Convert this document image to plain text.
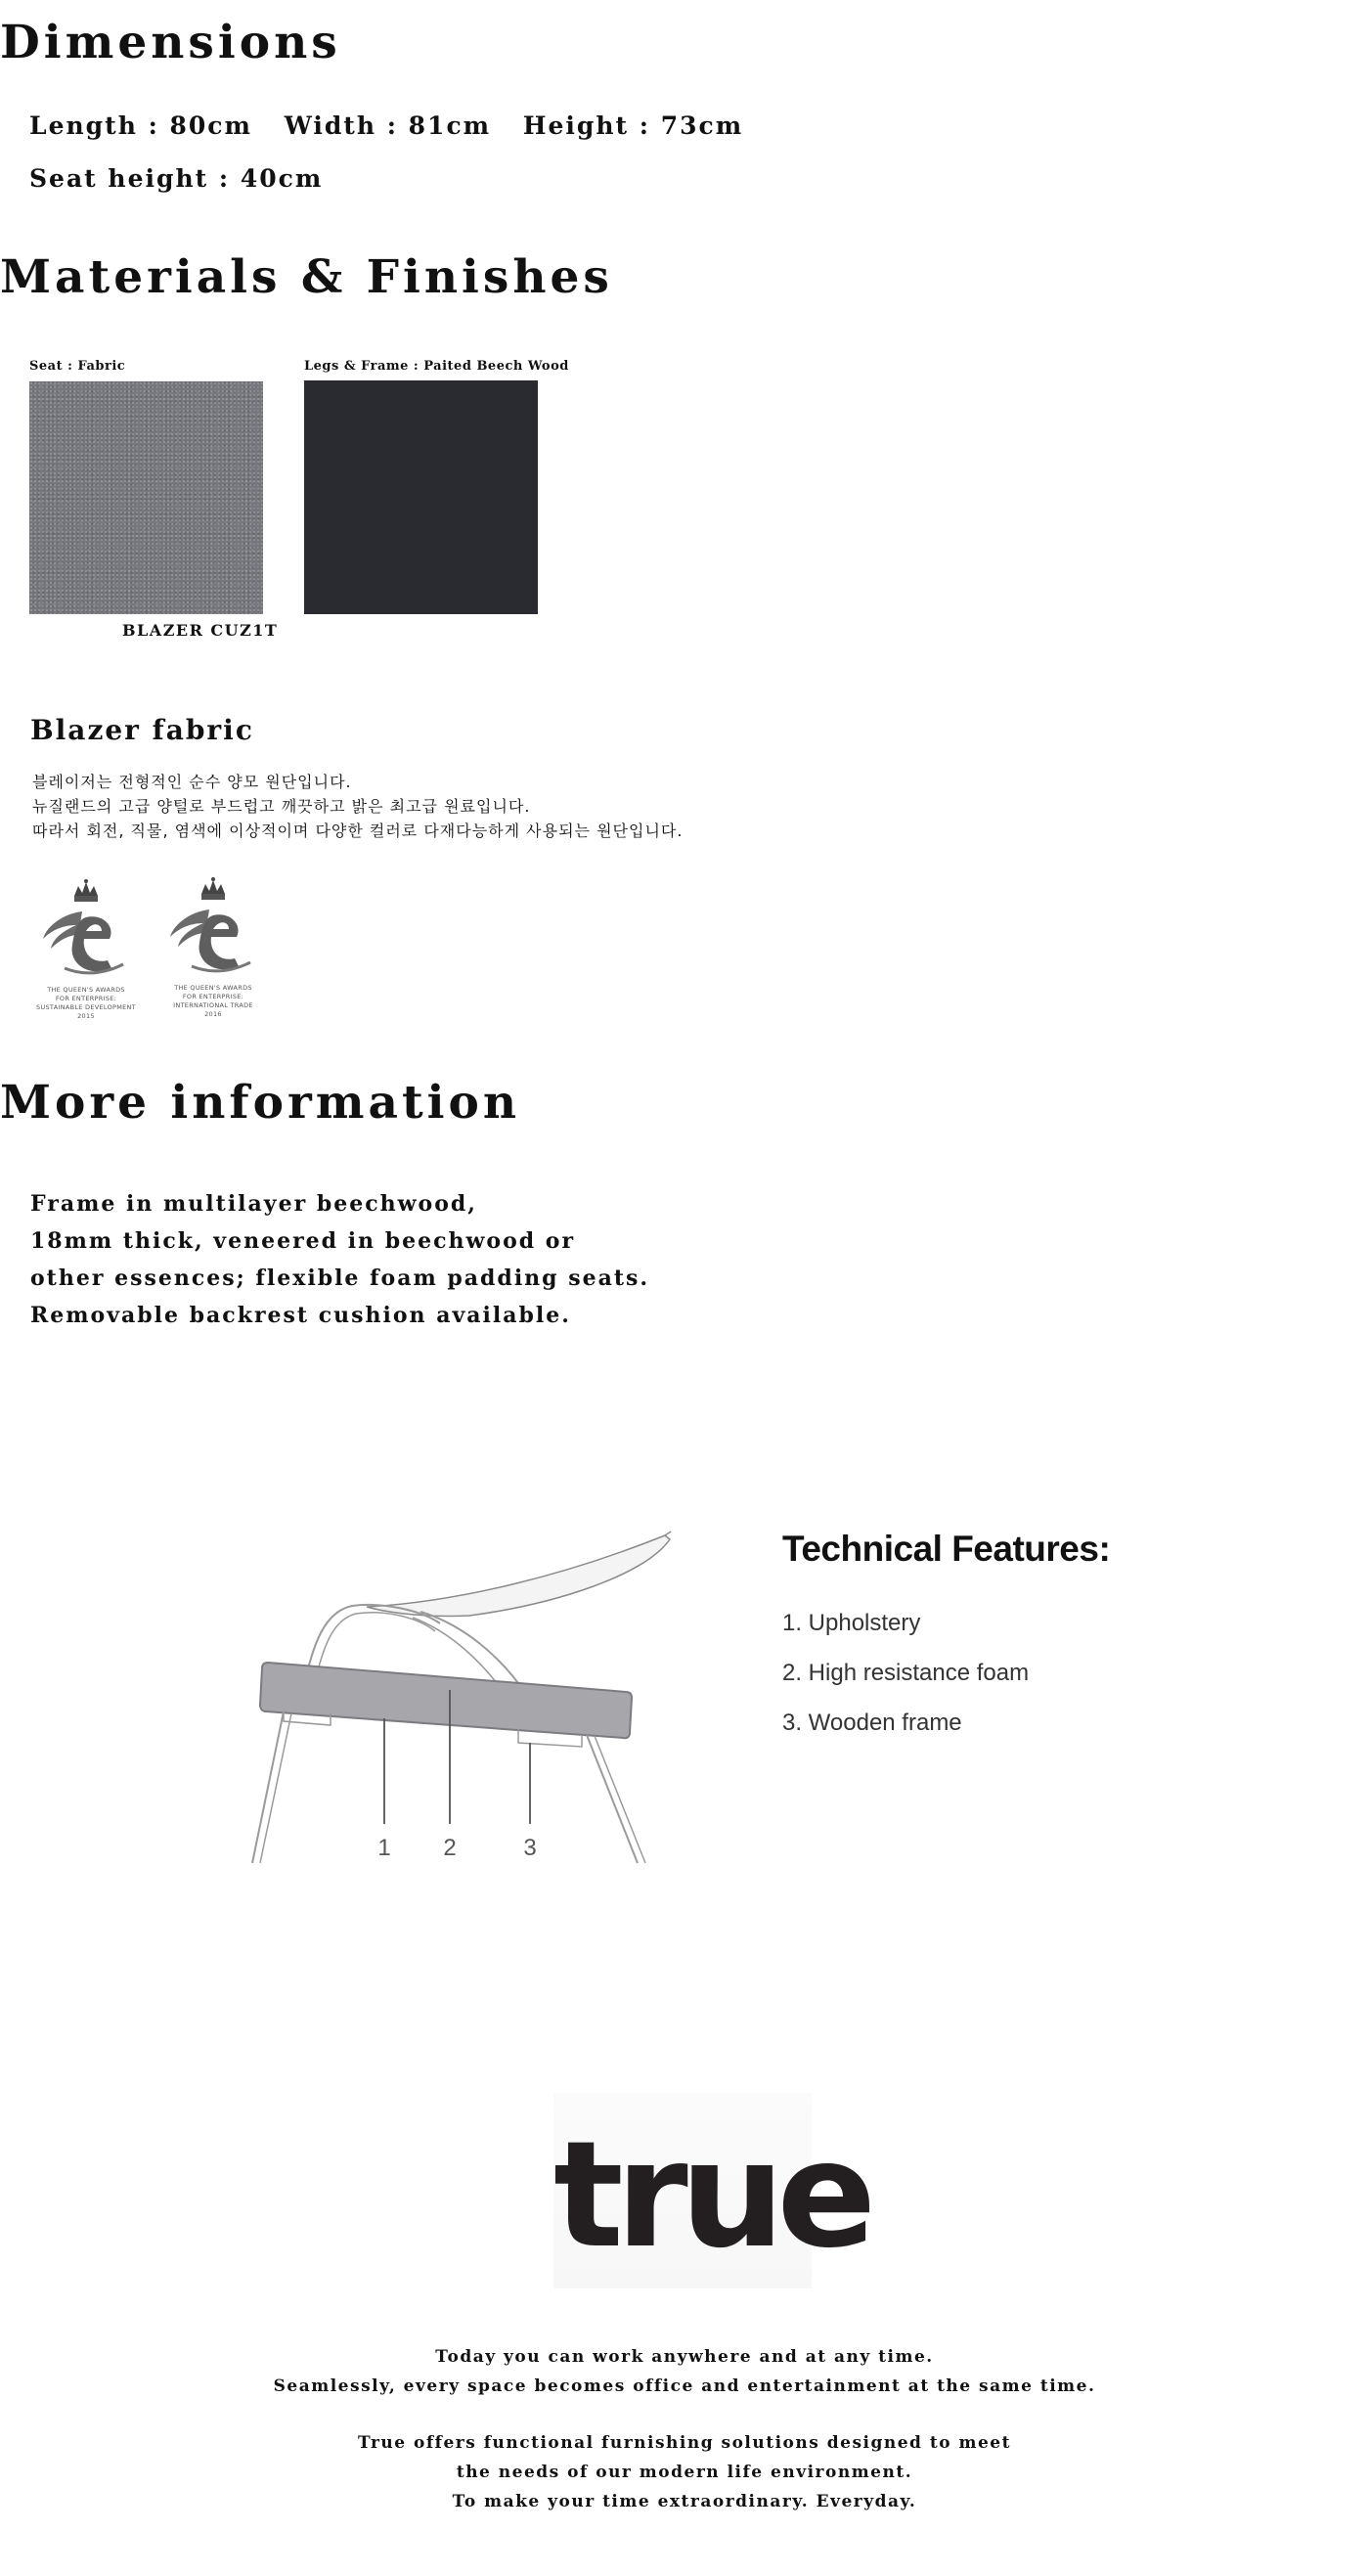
Dimensions
Length : 80cm Width : 81cm Height : 73cm
Seat height : 40cm
Materials & Finishes
Seat : Fabric
BLAZER CUZ1T
Legs & Frame : Paited Beech Wood
Blazer fabric
블레이저는 전형적인 순수 양모 원단입니다.
뉴질랜드의 고급 양털로 부드럽고 깨끗하고 밝은 최고급 원료입니다.
따라서 회전, 직물, 염색에 이상적이며 다양한 컬러로 다재다능하게 사용되는 원단입니다.
THE QUEEN'S AWARDS
FOR ENTERPRISE:
SUSTAINABLE DEVELOPMENT
2015
THE QUEEN'S AWARDS
FOR ENTERPRISE:
INTERNATIONAL TRADE
2016
More information
Frame in multilayer beechwood,
18mm thick, veneered in beechwood or
other essences; flexible foam padding seats.
Removable backrest cushion available.
1 2	3
Technical Features:
1. Upholstery
2. High resistance foam
3. Wooden frame
true
Today you can work anywhere and at any time.
Seamlessly, every space becomes office and entertainment at the same time.
True offers functional furnishing solutions designed to meet
the needs of our modern life environment.
To make your time extraordinary. Everyday.
